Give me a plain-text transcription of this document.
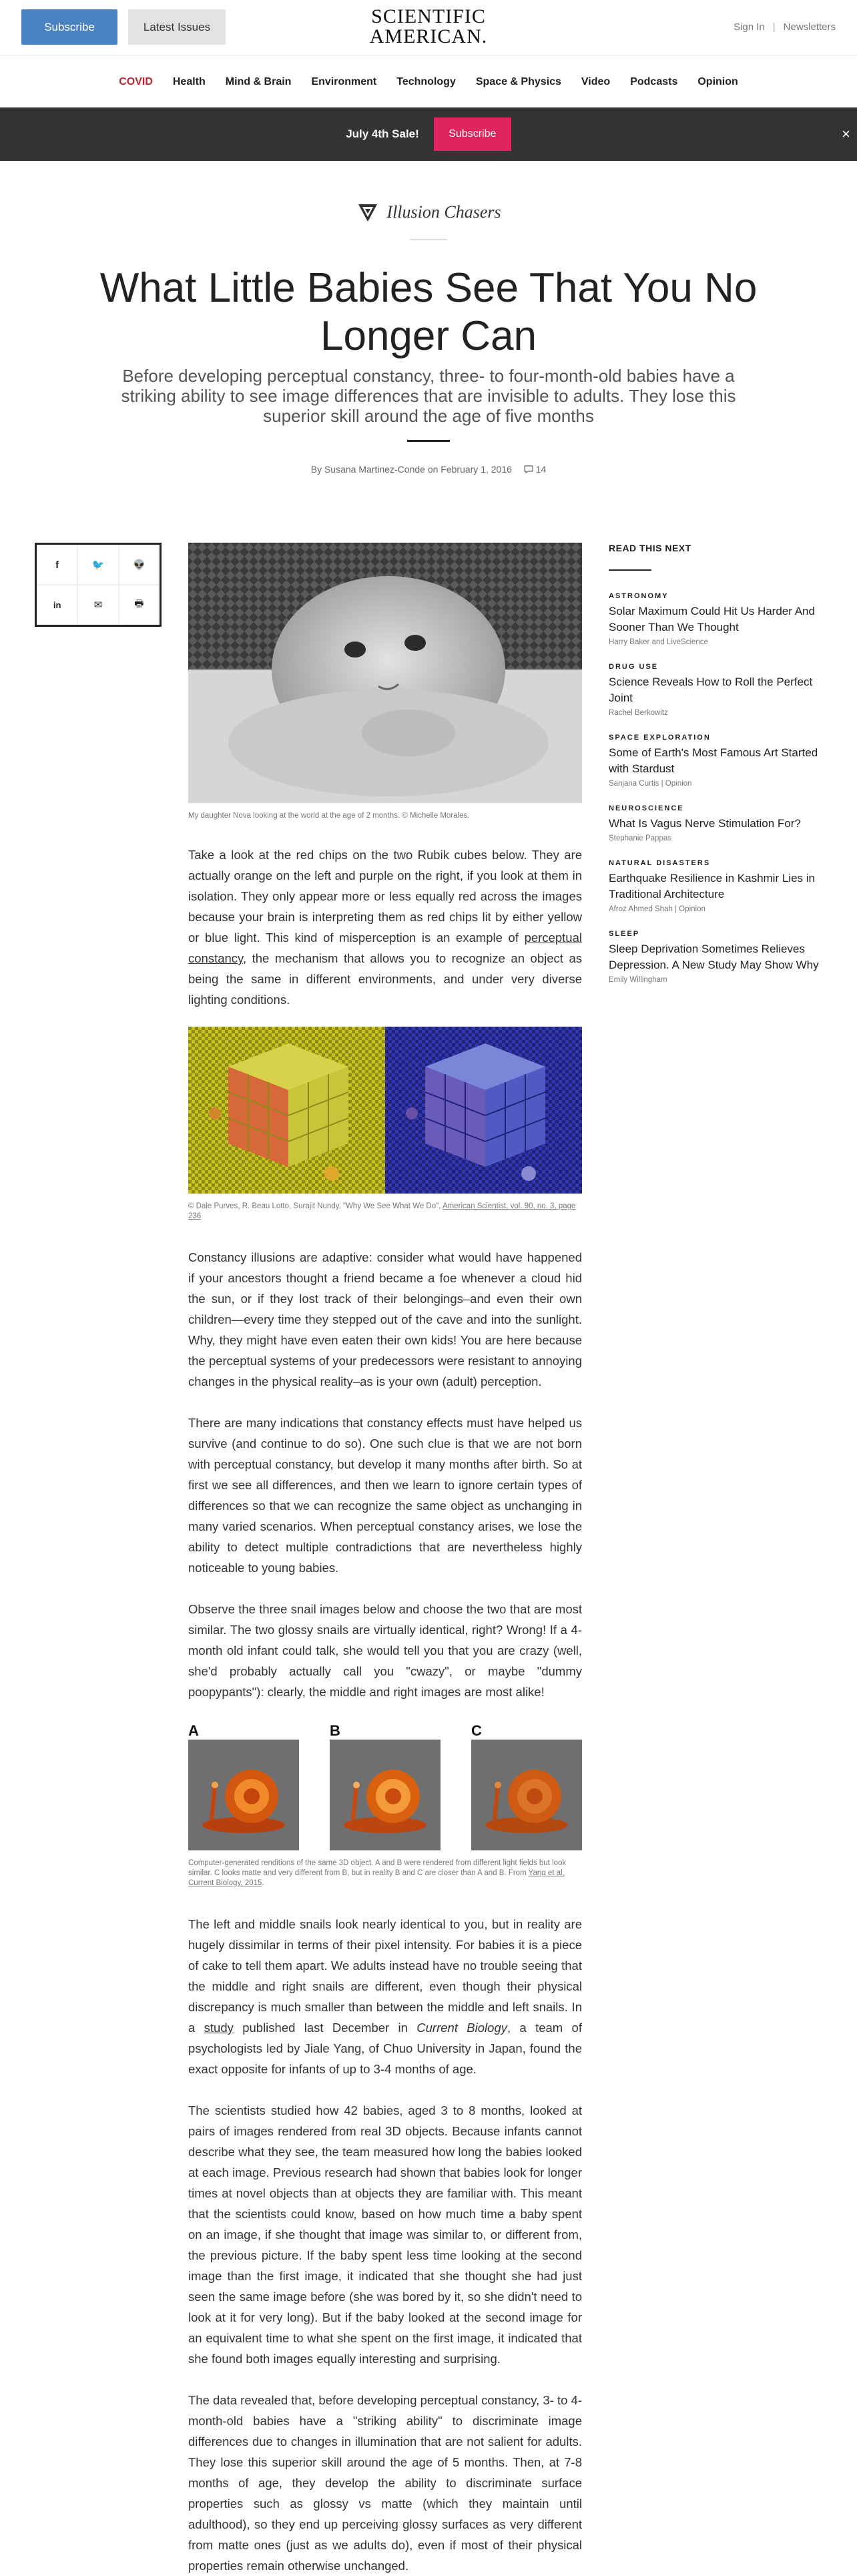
Subscribe	Latest Issues	SCIENTIFIC
AMERICAN.	Sign In | Newsletters
COVID Health Mind & Brain Environment Technology Space & Physics Video Podcasts Opinion
July 4th Sale!	Subscribe	×
Illusion Chasers
What Little Babies See That You No Longer Can
Before developing perceptual constancy, three- to four-month-old babies have a striking ability to see image differences that are invisible to adults. They lose this superior skill around the age of five months
By Susana Martinez-Conde on February 1, 2016	14
f	🐦	👽
in	✉	🖶
My daughter Nova looking at the world at the age of 2 months. © Michelle Morales.

Take a look at the red chips on the two Rubik cubes below. They are actually orange on the left and purple on the right, if you look at them in isolation. They only appear more or less equally red across the images because your brain is interpreting them as red chips lit by either yellow or blue light. This kind of misperception is an example of perceptual constancy, the mechanism that allows you to recognize an object as being the same in different environments, and under very diverse lighting conditions.

© Dale Purves, R. Beau Lotto, Surajit Nundy, "Why We See What We Do", American Scientist, vol. 90, no. 3, page 236

Constancy illusions are adaptive: consider what would have happened if your ancestors thought a friend became a foe whenever a cloud hid the sun, or if they lost track of their belongings–and even their own children—every time they stepped out of the cave and into the sunlight. Why, they might have even eaten their own kids! You are here because the perceptual systems of your predecessors were resistant to annoying changes in the physical reality–as is your own (adult) perception.

There are many indications that constancy effects must have helped us survive (and continue to do so). One such clue is that we are not born with perceptual constancy, but develop it many months after birth. So at first we see all differences, and then we learn to ignore certain types of differences so that we can recognize the same object as unchanging in many varied scenarios. When perceptual constancy arises, we lose the ability to detect multiple contradictions that are nevertheless highly noticeable to young babies.

Observe the three snail images below and choose the two that are most similar. The two glossy snails are virtually identical, right? Wrong! If a 4-month old infant could talk, she would tell you that you are crazy (well, she'd probably actually call you "cwazy", or maybe "dummy poopypants"): clearly, the middle and right images are most alike!

A	B	C
Computer-generated renditions of the same 3D object. A and B were rendered from different light fields but look similar. C looks matte and very different from B, but in reality B and C are closer than A and B. From Yang et al, Current Biology, 2015.

The left and middle snails look nearly identical to you, but in reality are hugely dissimilar in terms of their pixel intensity. For babies it is a piece of cake to tell them apart. We adults instead have no trouble seeing that the middle and right snails are different, even though their physical discrepancy is much smaller than between the middle and left snails. In a study published last December in Current Biology, a team of psychologists led by Jiale Yang, of Chuo University in Japan, found the exact opposite for infants of up to 3-4 months of age.

The scientists studied how 42 babies, aged 3 to 8 months, looked at pairs of images rendered from real 3D objects. Because infants cannot describe what they see, the team measured how long the babies looked at each image. Previous research had shown that babies look for longer times at novel objects than at objects they are familiar with. This meant that the scientists could know, based on how much time a baby spent on an image, if she thought that image was similar to, or different from, the previous picture. If the baby spent less time looking at the second image than the first image, it indicated that she thought she had just seen the same image before (she was bored by it, so she didn't need to look at it for very long). But if the baby looked at the second image for an equivalent time to what she spent on the first image, it indicated that she found both images equally interesting and surprising.

The data revealed that, before developing perceptual constancy, 3- to 4-month-old babies have a "striking ability" to discriminate image differences due to changes in illumination that are not salient for adults. They lose this superior skill around the age of 5 months. Then, at 7-8 months of age, they develop the ability to discriminate surface properties such as glossy vs matte (which they maintain until adulthood), so they end up perceiving glossy surfaces as very different from matte ones (just as we adults do), even if most of their physical properties remain otherwise unchanged.

READ THIS NEXT
ASTRONOMY
Solar Maximum Could Hit Us Harder And Sooner Than We Thought
Harry Baker and LiveScience
DRUG USE
Science Reveals How to Roll the Perfect Joint
Rachel Berkowitz
SPACE EXPLORATION
Some of Earth's Most Famous Art Started with Stardust
Sanjana Curtis | Opinion
NEUROSCIENCE
What Is Vagus Nerve Stimulation For?
Stephanie Pappas
NATURAL DISASTERS
Earthquake Resilience in Kashmir Lies in Traditional Architecture
Afroz Ahmed Shah | Opinion
SLEEP
Sleep Deprivation Sometimes Relieves Depression. A New Study May Show Why
Emily Willingham
